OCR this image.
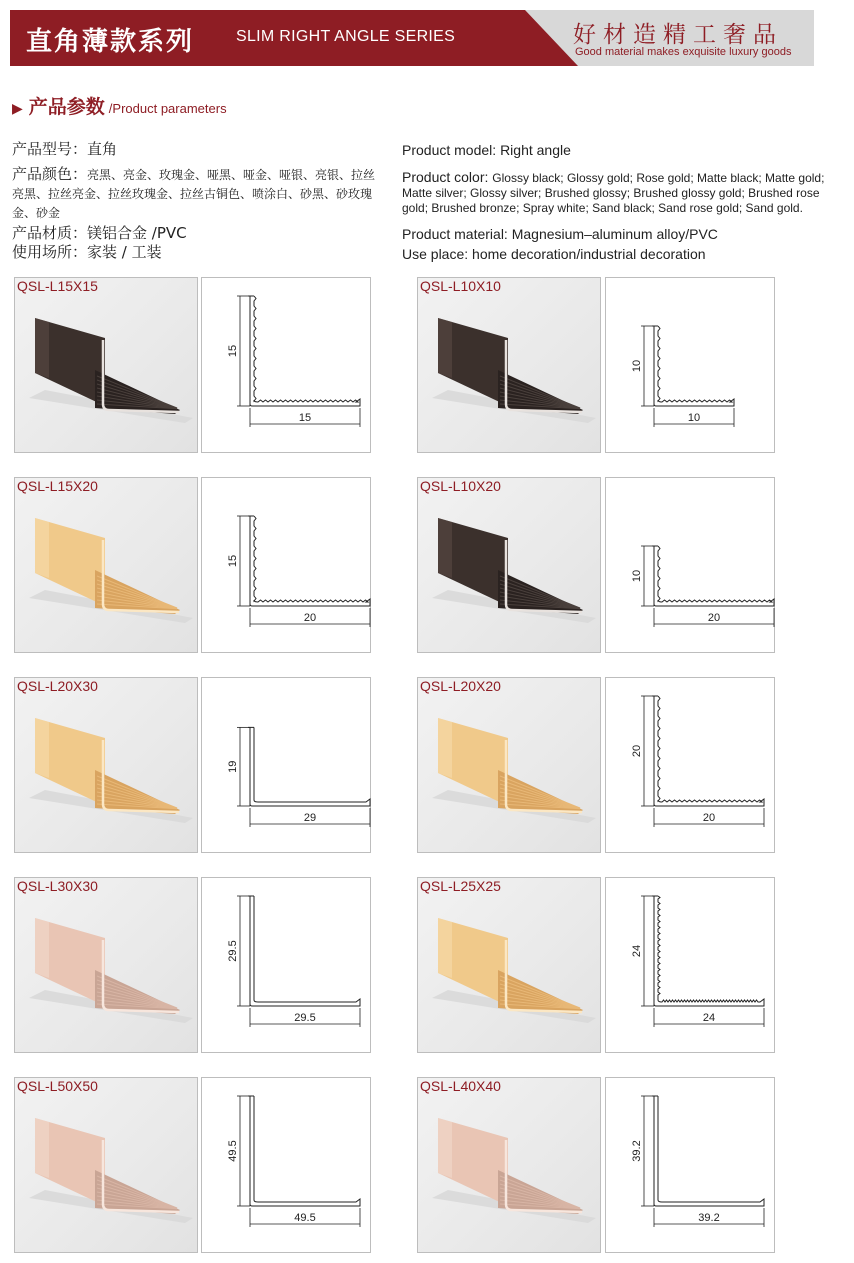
直角薄款系列	SLIM RIGHT ANGLE SERIES	好材造精工奢品
Good material makes exquisite luxury goods
▶ 产品参数 /Product parameters
产品型号：直角
产品颜色：亮黑、亮金、玫瑰金、哑黑、哑金、哑银、亮银、拉丝亮黑、拉丝亮金、拉丝玫瑰金、拉丝古铜色、喷涂白、砂黑、砂玫瑰金、砂金
产品材质：镁铝合金 /PVC
使用场所：家装 / 工装
Product model: Right angle
Product color: Glossy black; Glossy gold; Rose gold; Matte black; Matte gold; Matte silver; Glossy silver; Brushed glossy; Brushed glossy gold; Brushed rose gold; Brushed bronze; Spray white; Sand black; Sand rose gold; Sand gold.
Product material: Magnesium–aluminum alloy/PVC
Use place: home decoration/industrial decoration
QSL-L15X15
15
15
QSL-L10X10
10
10
QSL-L15X20
15
20
QSL-L10X20
10
20
QSL-L20X30
19
29
QSL-L20X20
20
20
QSL-L30X30
29.5
29.5
QSL-L25X25
24
24
QSL-L50X50
49.5
49.5
QSL-L40X40
39.2
39.2
